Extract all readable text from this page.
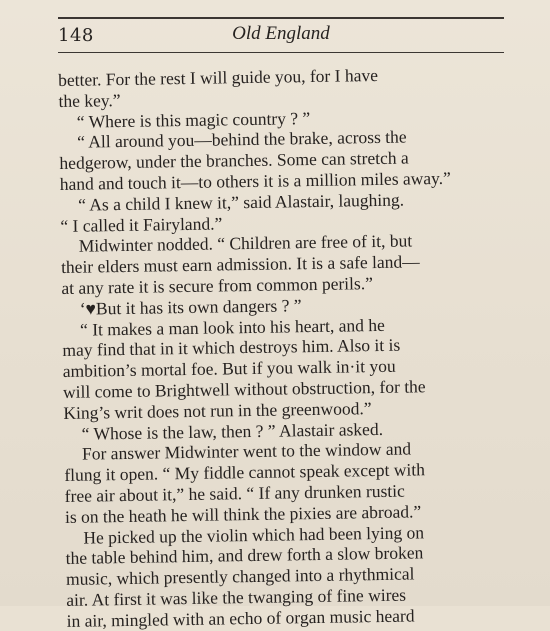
148	Old England
better. For the rest I will guide you, for I have
the key.”
“ Where is this magic country ? ”
“ All around you—behind the brake, across the
hedgerow, under the branches. Some can stretch a
hand and touch it—to others it is a million miles away.”
“ As a child I knew it,” said Alastair, laughing.
“ I called it Fairyland.”
Midwinter nodded. “ Children are free of it, but
their elders must earn admission. It is a safe land—
at any rate it is secure from common perils.”
‘♥But it has its own dangers ? ”
“ It makes a man look into his heart, and he
may find that in it which destroys him. Also it is
ambition’s mortal foe. But if you walk in·it you
will come to Brightwell without obstruction, for the
King’s writ does not run in the greenwood.”
“ Whose is the law, then ? ” Alastair asked.
For answer Midwinter went to the window and
flung it open. “ My fiddle cannot speak except with
free air about it,” he said. “ If any drunken rustic
is on the heath he will think the pixies are abroad.”
He picked up the violin which had been lying on
the table behind him, and drew forth a slow broken
music, which presently changed into a rhythmical
air. At first it was like the twanging of fine wires
in air, mingled with an echo of organ music heard
